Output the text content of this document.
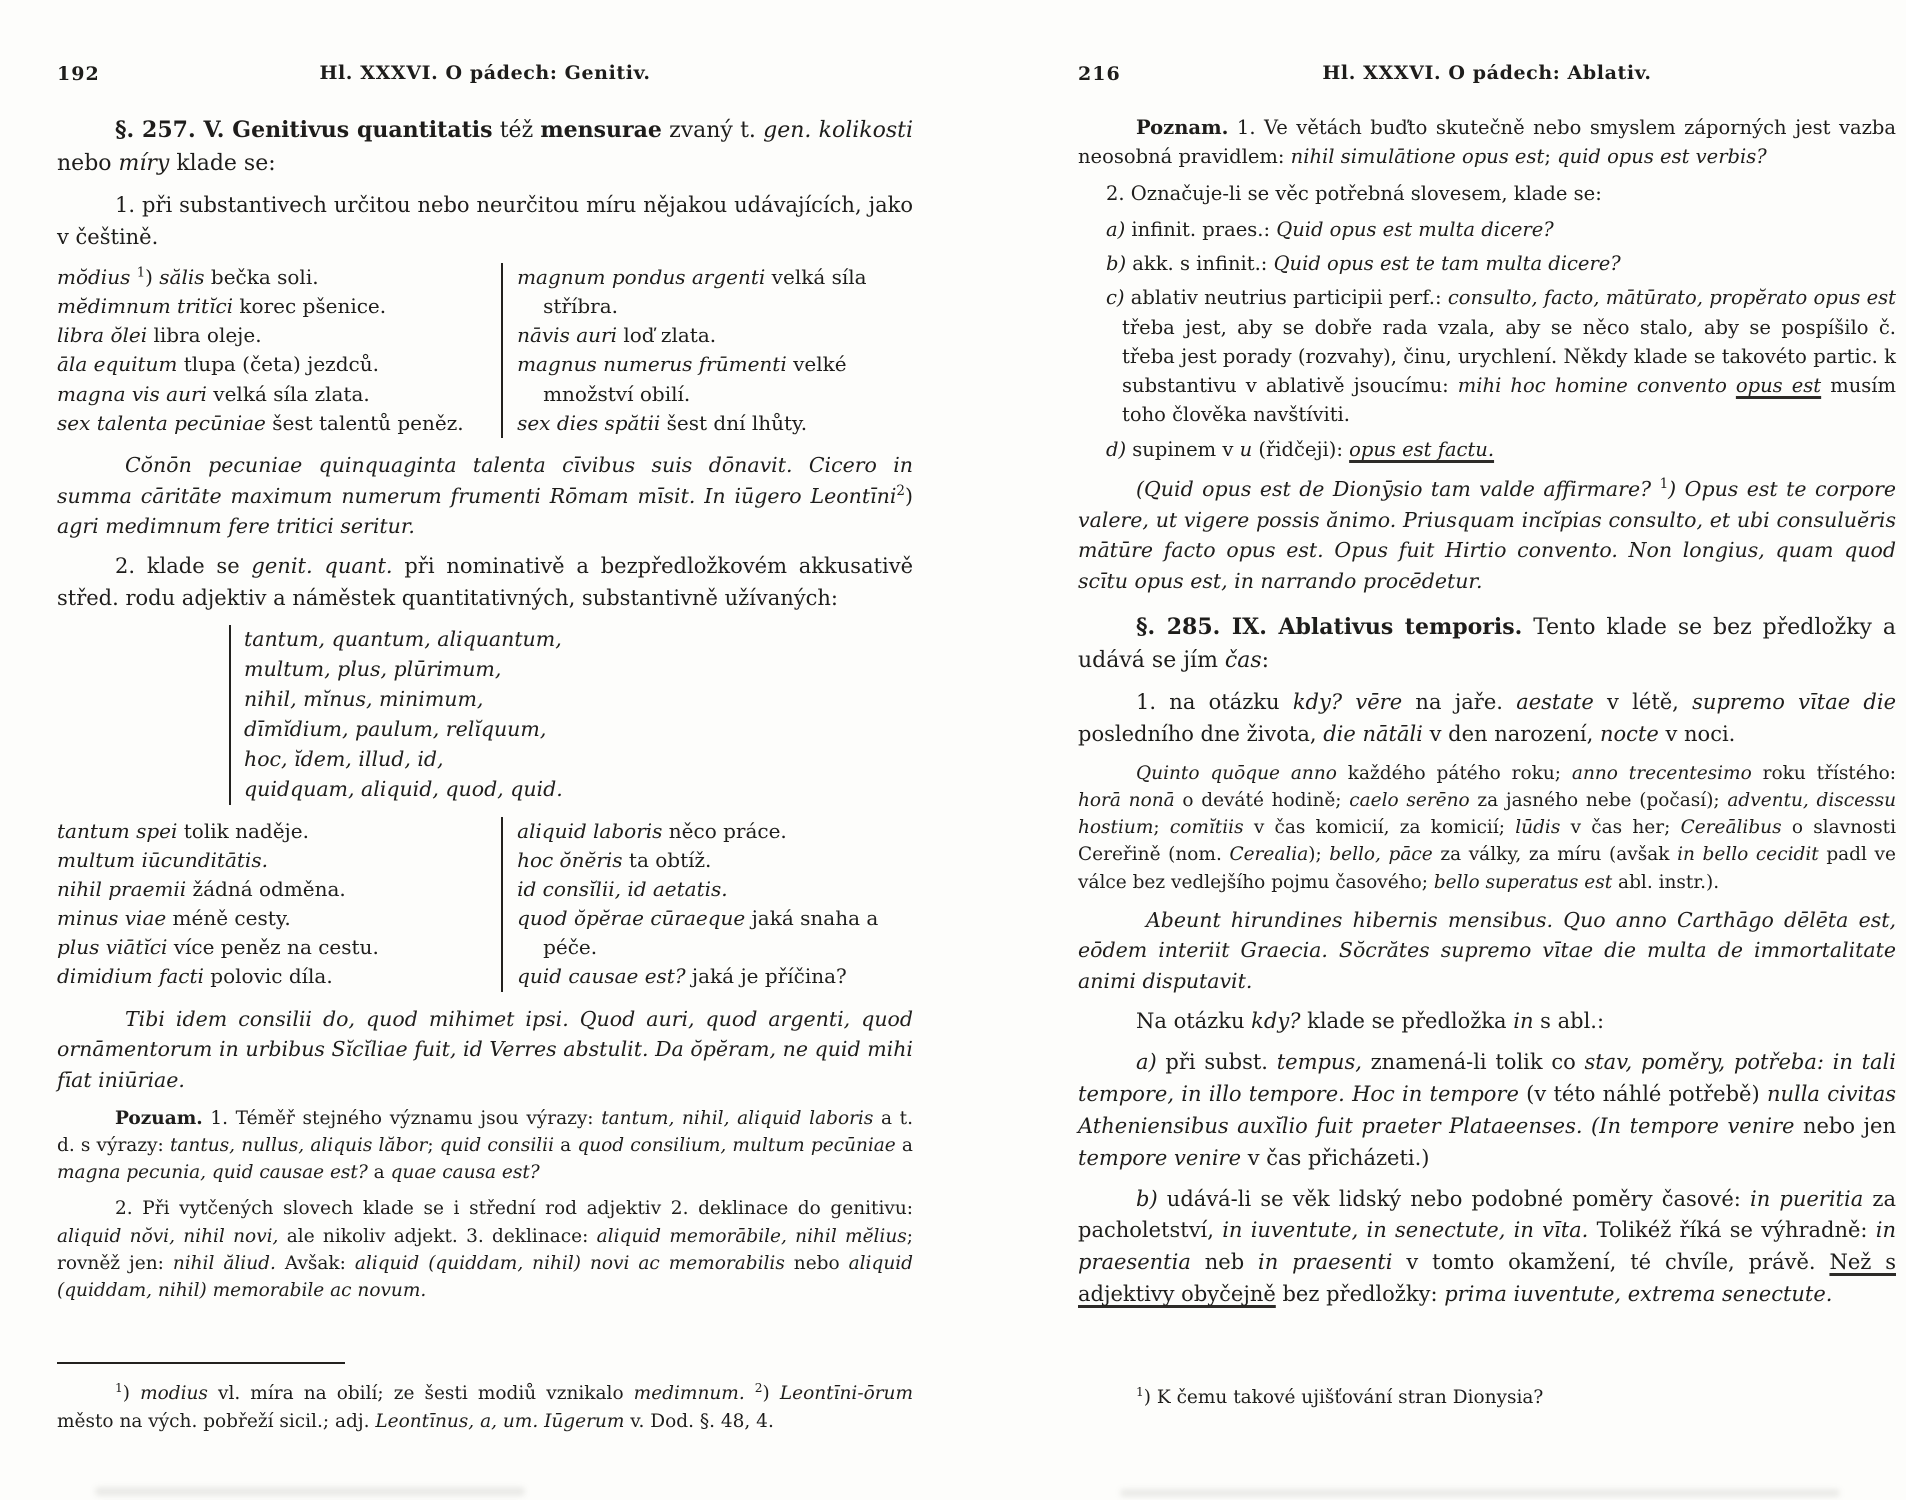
192	Hl. XXXVI. O pádech: Genitiv.

§. 257. V. Genitivus quantitatis též mensurae zvaný t. gen. kolikosti nebo míry klade se:

1. při substantivech určitou nebo neurčitou míru nějakou udávajících, jako v češtině.

mŏdius $^1$) sălis bečka soli.
mĕdimnum tritĭci korec pšenice.
libra ŏlei libra oleje.
āla equitum tlupa (četa) jezdců.
magna vis auri velká síla zlata.
sex talenta pecūniae šest talentů peněz.
magnum pondus argenti velká síla stříbra.
nāvis auri loď zlata.
magnus numerus frūmenti velké množství obilí.
sex dies spătii šest dní lhůty.

Cŏnōn pecuniae quinquaginta talenta cīvibus suis dōnavit. Cicero in summa cāritāte maximum numerum frumenti Rōmam mīsit. In iūgero Leontīni$^2$) agri medimnum fere tritici seritur.

2. klade se genit. quant. při nominativě a bezpředložkovém akkusativě střed. rodu adjektiv a náměstek quantitativných, substantivně užívaných:

tantum, quantum, aliquantum,
multum, plus, plūrimum,
nihil, mĭnus, minimum,
dīmĭdium, paulum, relĭquum,
hoc, ĭdem, illud, id,
quidquam, aliquid, quod, quid.
tantum spei tolik naděje.
multum iūcunditātis.
nihil praemii žádná odměna.
minus viae méně cesty.
plus viātĭci více peněz na cestu.
dimidium facti polovic díla.
aliquid laboris něco práce.
hoc ŏnĕris ta obtíž.
id consĭlii, id aetatis.
quod ŏpĕrae cūraeque jaká snaha a péče.
quid causae est? jaká je příčina?

Tibi idem consilii do, quod mihimet ipsi. Quod auri, quod argenti, quod ornāmentorum in urbibus Sĭcĭliae fuit, id Verres abstulit. Da ŏpĕram, ne quid mihi fīat iniūriae.

Pozuam. 1. Téměř stejného významu jsou výrazy: tantum, nihil, aliquid laboris a t. d. s výrazy: tantus, nullus, aliquis lăbor; quid consilii a quod consilium, multum pecūniae a magna pecunia, quid causae est? a quae causa est?

2. Při vytčených slovech klade se i střední rod adjektiv 2. deklinace do genitivu: aliquid nŏvi, nihil novi, ale nikoliv adjekt. 3. deklinace: aliquid memorābile, nihil mĕlius; rovněž jen: nihil ăliud. Avšak: aliquid (quiddam, nihil) novi ac memorabilis nebo aliquid (quiddam, nihil) memorabile ac novum.

$^1$) modius vl. míra na obilí; ze šesti modiů vznikalo medimnum. $^2$) Leontīni-ōrum město na vých. pobřeží sicil.; adj. Leontīnus, a, um. Iūgerum v. Dod. §. 48, 4.

216	Hl. XXXVI. O pádech: Ablativ.

Poznam. 1. Ve větách buďto skutečně nebo smyslem záporných jest vazba neosobná pravidlem: nihil simulātione opus est; quid opus est verbis?

2. Označuje-li se věc potřebná slovesem, klade se:

a) infinit. praes.: Quid opus est multa dicere?

b) akk. s infinit.: Quid opus est te tam multa dicere?

c) ablativ neutrius participii perf.: consulto, facto, mātūrato, propĕrato opus est třeba jest, aby se dobře rada vzala, aby se něco stalo, aby se pospíšilo č. třeba jest porady (rozvahy), činu, urychlení. Někdy klade se takovéto partic. k substantivu v ablativě jsoucímu: mihi hoc homine convento opus est musím toho člověka navštíviti.

d) supinem v u (řidčeji): opus est factu.

(Quid opus est de Dionȳsio tam valde affirmare? $^1$) Opus est te corpore valere, ut vigere possis ănimo. Priusquam incĭpias consulto, et ubi consuluĕris mātūre facto opus est. Opus fuit Hirtio convento. Non longius, quam quod scītu opus est, in narrando procēdetur.

§. 285. IX. Ablativus temporis. Tento klade se bez předložky a udává se jím čas:

1. na otázku kdy? vēre na jaře. aestate v létě, supremo vītae die posledního dne života, die nātāli v den narození, nocte v noci.

Quinto quōque anno každého pátého roku; anno trecentesimo roku třístého: horā nonā o deváté hodině; caelo serēno za jasného nebe (počasí); adventu, discessu hostium; comĭtiis v čas komicií, za komicií; lūdis v čas her; Cereālibus o slavnosti Cereřině (nom. Cerealia); bello, pāce za války, za míru (avšak in bello cecidit padl ve válce bez vedlejšího pojmu časového; bello superatus est abl. instr.).

Abeunt hirundines hibernis mensibus. Quo anno Carthāgo dēlēta est, eōdem interiit Graecia. Sŏcrătes supremo vītae die multa de immortalitate animi disputavit.

Na otázku kdy? klade se předložka in s abl.:

a) při subst. tempus, znamená-li tolik co stav, poměry, potřeba: in tali tempore, in illo tempore. Hoc in tempore (v této náhlé potřebě) nulla civitas Atheniensibus auxĭlio fuit praeter Plataeenses. (In tempore venire nebo jen tempore venire v čas přicházeti.)

b) udává-li se věk lidský nebo podobné poměry časové: in pueritia za pacholetství, in iuventute, in senectute, in vīta. Tolikéž říká se výhradně: in praesentia neb in praesenti v tomto okamžení, té chvíle, právě. Než s adjektivy obyčejně bez předložky: prima iuventute, extrema senectute.

$^1$) K čemu takové ujišťování stran Dionysia?
